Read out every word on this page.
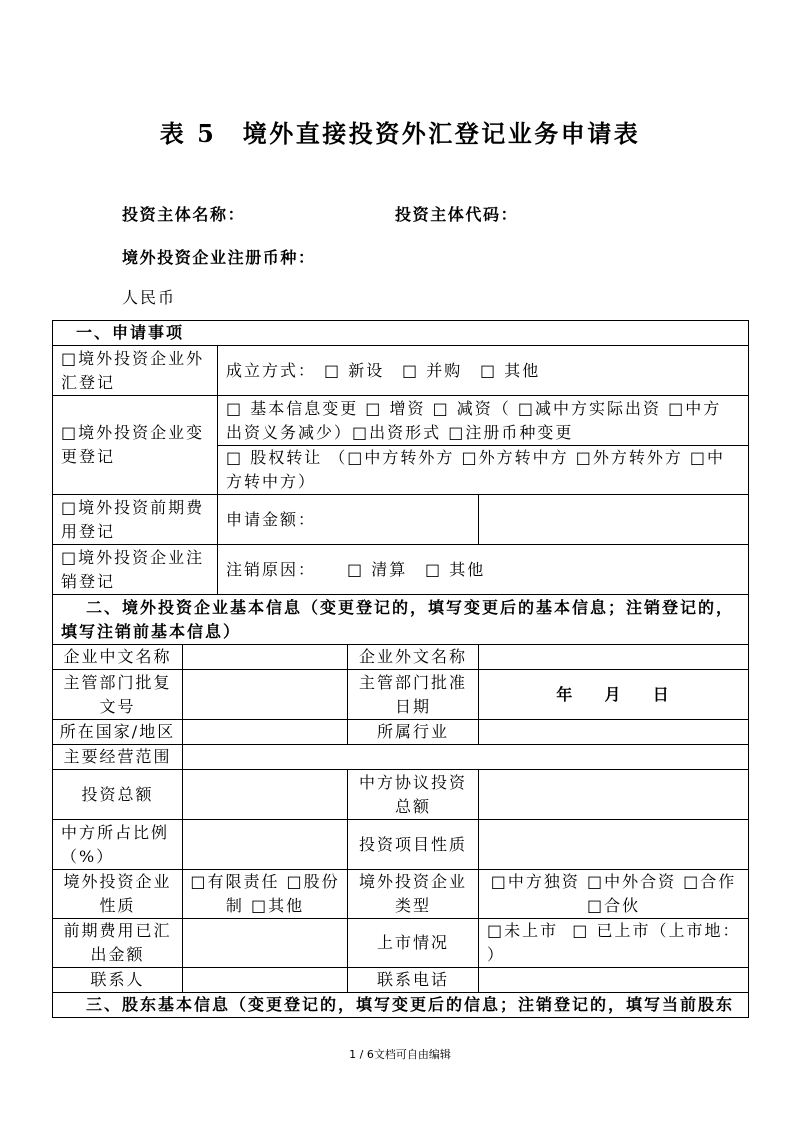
表 5　境外直接投资外汇登记业务申请表
投资主体名称：	投资主体代码：
境外投资企业注册币种：
人民币
一、申请事项				

□境外投资企业外
汇登记		成立方式： □ 新设 □ 并购 □ 其他		

□境外投资企业变
更登记		□ 基本信息变更 □ 增资 □ 减资（ □减中方实际出资 □中方
出资义务减少）□出资形式 □注册币种变更		

		□ 股权转让 （□中方转外方 □外方转中方 □外方转外方 □中
方转中方）		

□境外投资前期费
用登记		申请金额：		

□境外投资企业注
销登记		注销原因： □ 清算 □ 其他		

二、境外投资企业基本信息（变更登记的，填写变更后的基本信息；注销登记的，
填写注销前基本信息）				

企业中文名称			企业外文名称	

主管部门批复
文号			主管部门批准
日期	年    月    日

所在国家/地区			所属行业	

主要经营范围				

投资总额			中方协议投资
总额	

中方所占比例
（%）			投资项目性质	

境外投资企业
性质	□有限责任 □股份
制 □其他		境外投资企业
类型	□中方独资 □中外合资 □合作
□合伙

前期费用已汇
出金额			上市情况	□未上市  □ 已上市（上市地：
）

联系人			联系电话	

三、股东基本信息（变更登记的，填写变更后的信息；注销登记的，填写当前股东				
1 / 6文档可自由编辑
